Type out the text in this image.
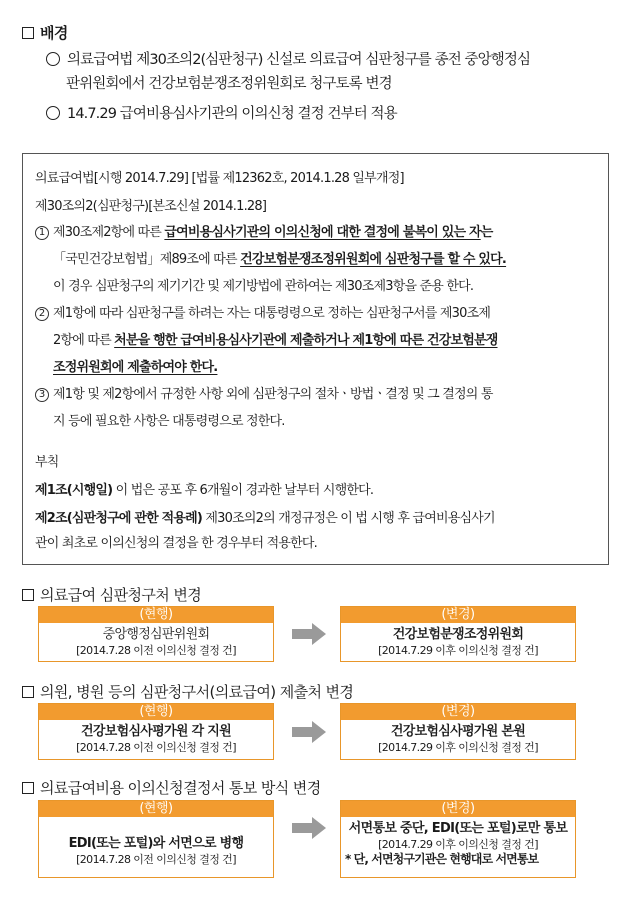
배경
의료급여법 제30조의2(심판청구) 신설로 의료급여 심판청구를 종전 중앙행정심
판위원회에서 건강보험분쟁조정위원회로 청구토록 변경
14.7.29 급여비용심사기관의 이의신청 결정 건부터 적용
의료급여법[시행 2014.7.29] [법률 제12362호, 2014.1.28 일부개정]
제30조의2(심판청구)[본조신설 2014.1.28]
1 제30조제2항에 따른 급여비용심사기관의 이의신청에 대한 결정에 불복이 있는 자는
「국민건강보험법」제89조에 따른 건강보험분쟁조정위원회에 심판청구를 할 수 있다.
이 경우 심판청구의 제기기간 및 제기방법에 관하여는 제30조제3항을 준용 한다.
2 제1항에 따라 심판청구를 하려는 자는 대통령령으로 정하는 심판청구서를 제30조제
2항에 따른 처분을 행한 급여비용심사기관에 제출하거나 제1항에 따른 건강보험분쟁
조정위원회에 제출하여야 한다.
3 제1항 및 제2항에서 규정한 사항 외에 심판청구의 절차ㆍ방법ㆍ결정 및 그 결정의 통
지 등에 필요한 사항은 대통령령으로 정한다.
부칙
제1조(시행일) 이 법은 공포 후 6개월이 경과한 날부터 시행한다.
제2조(심판청구에 관한 적용례) 제30조의2의 개정규정은 이 법 시행 후 급여비용심사기
관이 최초로 이의신청의 결정을 한 경우부터 적용한다.
의료급여 심판청구처 변경
(현행)
중앙행정심판위원회
[2014.7.28 이전 이의신청 결정 건]
(변경)
건강보험분쟁조정위원회
[2014.7.29 이후 이의신청 결정 건]
의원, 병원 등의 심판청구서(의료급여) 제출처 변경
(현행)
건강보험심사평가원 각 지원
[2014.7.28 이전 이의신청 결정 건]
(변경)
건강보험심사평가원 본원
[2014.7.29 이후 이의신청 결정 건]
의료급여비용 이의신청결정서 통보 방식 변경
(현행)
EDI(또는 포털)와 서면으로 병행
[2014.7.28 이전 이의신청 결정 건]
(변경)
서면통보 중단, EDI(또는 포털)로만 통보
[2014.7.29 이후 이의신청 결정 건]
* 단, 서면청구기관은 현행대로 서면통보
